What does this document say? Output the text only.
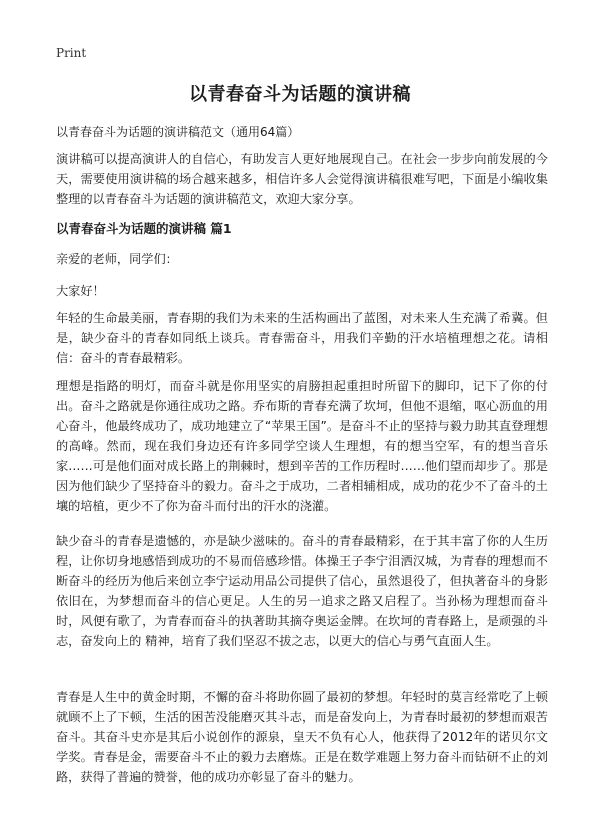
Print
以青春奋斗为话题的演讲稿
以青春奋斗为话题的演讲稿范文（通用64篇）

演讲稿可以提高演讲人的自信心，有助发言人更好地展现自己。在社会一步步向前发展的今天，需要使用演讲稿的场合越来越多，相信许多人会觉得演讲稿很难写吧，下面是小编收集整理的以青春奋斗为话题的演讲稿范文，欢迎大家分享。

以青春奋斗为话题的演讲稿 篇1
亲爱的老师，同学们：
大家好！

年轻的生命最美丽，青春期的我们为未来的生活构画出了蓝图，对未来人生充满了希冀。但是，缺少奋斗的青春如同纸上谈兵。青春需奋斗，用我们辛勤的汗水培植理想之花。请相信：奋斗的青春最精彩。

理想是指路的明灯，而奋斗就是你用坚实的肩膀担起重担时所留下的脚印，记下了你的付出。奋斗之路就是你通往成功之路。乔布斯的青春充满了坎坷，但他不退缩，呕心沥血的用心奋斗，他最终成功了，成功地建立了“苹果王国”。是奋斗不止的坚持与毅力助其直登理想的高峰。然而，现在我们身边还有许多同学空谈人生理想，有的想当空军，有的想当音乐家……可是他们面对成长路上的荆棘时，想到辛苦的工作历程时……他们望而却步了。那是因为他们缺少了坚持奋斗的毅力。奋斗之于成功，二者相辅相成，成功的花少不了奋斗的土壤的培植，更少不了你为奋斗而付出的汗水的浇灌。

缺少奋斗的青春是遗憾的，亦是缺少滋味的。奋斗的青春最精彩，在于其丰富了你的人生历程，让你切身地感悟到成功的不易而倍感珍惜。体操王子李宁泪洒汉城，为青春的理想而不断奋斗的经历为他后来创立李宁运动用品公司提供了信心，虽然退役了，但执著奋斗的身影依旧在，为梦想而奋斗的信心更足。人生的另一追求之路又启程了。当孙杨为理想而奋斗时，风便有歌了，为青春而奋斗的执著助其摘夺奥运金牌。在坎坷的青春路上，是顽强的斗志，奋发向上的 精神，培育了我们坚忍不拔之志，以更大的信心与勇气直面人生。

青春是人生中的黄金时期，不懈的奋斗将助你圆了最初的梦想。年轻时的莫言经常吃了上顿就顾不上了下顿，生活的困苦没能磨灭其斗志，而是奋发向上，为青春时最初的梦想而艰苦奋斗。其奋斗史亦是其后小说创作的源泉，皇天不负有心人，他获得了2012年的诺贝尔文学奖。青春是金，需要奋斗不止的毅力去磨炼。正是在数学难题上努力奋斗而钻研不止的刘路，获得了普遍的赞誉，他的成功亦彰显了奋斗的魅力。
